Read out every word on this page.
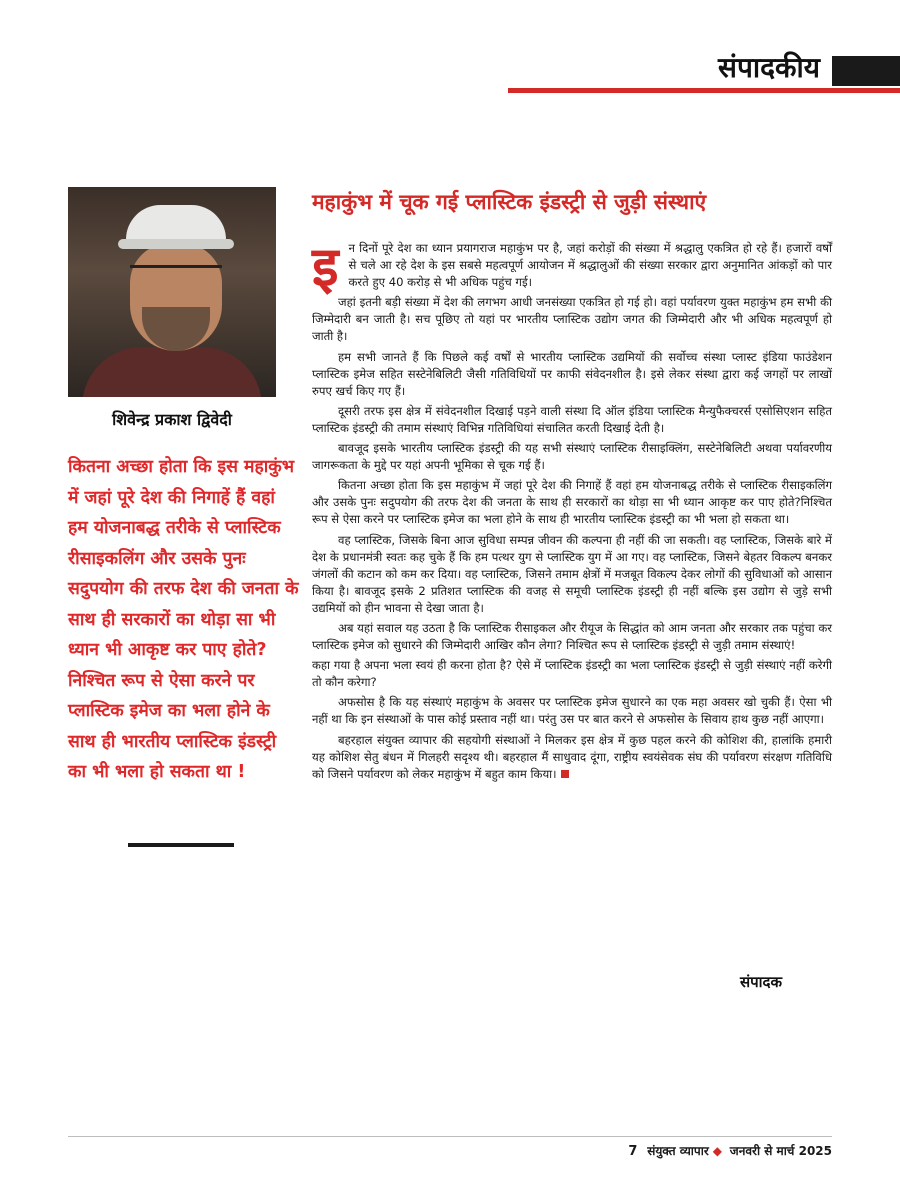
संपादकीय
शिवेन्द्र प्रकाश द्विवेदी
कितना अच्छा होता कि इस महाकुंभ में जहां पूरे देश की निगाहें हैं वहां हम योजनाबद्ध तरीके से प्लास्टिक रीसाइकलिंग और उसके पुनः सदुपयोग की तरफ देश की जनता के साथ ही सरकारों का थोड़ा सा भी ध्यान भी आकृष्ट कर पाए होते? निश्चित रूप से ऐसा करने पर प्लास्टिक इमेज का भला होने के साथ ही भारतीय प्लास्टिक इंडस्ट्री का भी भला हो सकता था !
महाकुंभ में चूक गई प्लास्टिक इंडस्ट्री से जुड़ी संस्थाएं

इन दिनों पूरे देश का ध्यान प्रयागराज महाकुंभ पर है, जहां करोड़ों की संख्या में श्रद्धालु एकत्रित हो रहे हैं। हजारों वर्षों से चले आ रहे देश के इस सबसे महत्वपूर्ण आयोजन में श्रद्धालुओं की संख्या सरकार द्वारा अनुमानित आंकड़ों को पार करते हुए 40 करोड़ से भी अधिक पहुंच गई।

जहां इतनी बड़ी संख्या में देश की लगभग आधी जनसंख्या एकत्रित हो गई हो। वहां पर्यावरण युक्त महाकुंभ हम सभी की जिम्मेदारी बन जाती है। सच पूछिए तो यहां पर भारतीय प्लास्टिक उद्योग जगत की जिम्मेदारी और भी अधिक महत्वपूर्ण हो जाती है।

हम सभी जानते हैं कि पिछले कई वर्षों से भारतीय प्लास्टिक उद्यमियों की सर्वोच्च संस्था प्लास्ट इंडिया फाउंडेशन प्लास्टिक इमेज सहित सस्टेनेबिलिटी जैसी गतिविधियों पर काफी संवेदनशील है। इसे लेकर संस्था द्वारा कई जगहों पर लाखों रुपए खर्च किए गए हैं।

दूसरी तरफ इस क्षेत्र में संवेदनशील दिखाई पड़ने वाली संस्था दि ऑल इंडिया प्लास्टिक मैन्युफैक्चरर्स एसोसिएशन सहित प्लास्टिक इंडस्ट्री की तमाम संस्थाएं विभिन्न गतिविधियां संचालित करती दिखाई देती है।

बावजूद इसके भारतीय प्लास्टिक इंडस्ट्री की यह सभी संस्थाएं प्लास्टिक रीसाइक्लिंग, सस्टेनेबिलिटी अथवा पर्यावरणीय जागरूकता के मुद्दे पर यहां अपनी भूमिका से चूक गई हैं।

कितना अच्छा होता कि इस महाकुंभ में जहां पूरे देश की निगाहें हैं वहां हम योजनाबद्ध तरीके से प्लास्टिक रीसाइकलिंग और उसके पुनः सदुपयोग की तरफ देश की जनता के साथ ही सरकारों का थोड़ा सा भी ध्यान आकृष्ट कर पाए होते?निश्चित रूप से ऐसा करने पर प्लास्टिक इमेज का भला होने के साथ ही भारतीय प्लास्टिक इंडस्ट्री का भी भला हो सकता था।

वह प्लास्टिक, जिसके बिना आज सुविधा सम्पन्न जीवन की कल्पना ही नहीं की जा सकती। वह प्लास्टिक, जिसके बारे में देश के प्रधानमंत्री स्वतः कह चुके हैं कि हम पत्थर युग से प्लास्टिक युग में आ गए। वह प्लास्टिक, जिसने बेहतर विकल्प बनकर जंगलों की कटान को कम कर दिया। वह प्लास्टिक, जिसने तमाम क्षेत्रों में मजबूत विकल्प देकर लोगों की सुविधाओं को आसान किया है। बावजूद इसके 2 प्रतिशत प्लास्टिक की वजह से समूची प्लास्टिक इंडस्ट्री ही नहीं बल्कि इस उद्योग से जुड़े सभी उद्यमियों को हीन भावना से देखा जाता है।

अब यहां सवाल यह उठता है कि प्लास्टिक रीसाइकल और रीयूज के सिद्धांत को आम जनता और सरकार तक पहुंचा कर प्लास्टिक इमेज को सुधारने की जिम्मेदारी आखिर कौन लेगा? निश्चित रूप से प्लास्टिक इंडस्ट्री से जुड़ी तमाम संस्थाएं!

कहा गया है अपना भला स्वयं ही करना होता है? ऐसे में प्लास्टिक इंडस्ट्री का भला प्लास्टिक इंडस्ट्री से जुड़ी संस्थाएं नहीं करेगी तो कौन करेगा?

अफसोस है कि यह संस्थाएं महाकुंभ के अवसर पर प्लास्टिक इमेज सुधारने का एक महा अवसर खो चुकी हैं। ऐसा भी नहीं था कि इन संस्थाओं के पास कोई प्रस्ताव नहीं था। परंतु उस पर बात करने से अफसोस के सिवाय हाथ कुछ नहीं आएगा।

बहरहाल संयुक्त व्यापार की सहयोगी संस्थाओं ने मिलकर इस क्षेत्र में कुछ पहल करने की कोशिश की, हालांकि हमारी यह कोशिश सेतु बंधन में गिलहरी सदृश्य थी। बहरहाल मैं साधुवाद दूंगा, राष्ट्रीय स्वयंसेवक संघ की पर्यावरण संरक्षण गतिविधि को जिसने पर्यावरण को लेकर महाकुंभ में बहुत काम किया।

संपादक
7 संयुक्त व्यापार ◆ जनवरी से मार्च 2025
